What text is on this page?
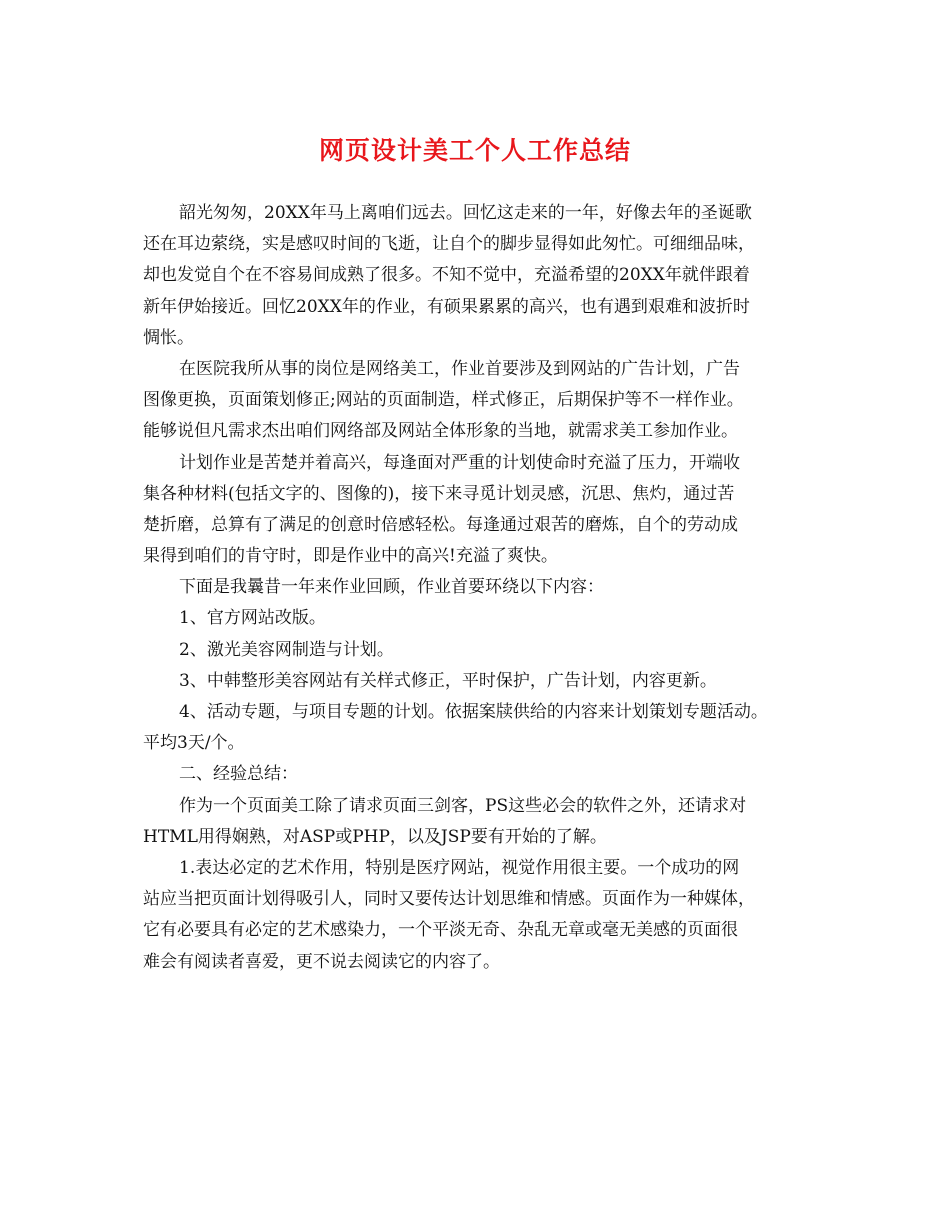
网页设计美工个人工作总结

韶光匆匆，20XX年马上离咱们远去。回忆这走来的一年，好像去年的圣诞歌

还在耳边萦绕，实是感叹时间的飞逝，让自个的脚步显得如此匆忙。可细细品味，

却也发觉自个在不容易间成熟了很多。不知不觉中，充溢希望的20XX年就伴跟着

新年伊始接近。回忆20XX年的作业，有硕果累累的高兴，也有遇到艰难和波折时

惆怅。

在医院我所从事的岗位是网络美工，作业首要涉及到网站的广告计划，广告

图像更换，页面策划修正;网站的页面制造，样式修正，后期保护等不一样作业。

能够说但凡需求杰出咱们网络部及网站全体形象的当地，就需求美工参加作业。

计划作业是苦楚并着高兴，每逢面对严重的计划使命时充溢了压力，开端收

集各种材料(包括文字的、图像的)，接下来寻觅计划灵感，沉思、焦灼，通过苦

楚折磨，总算有了满足的创意时倍感轻松。每逢通过艰苦的磨炼，自个的劳动成

果得到咱们的肯守时，即是作业中的高兴!充溢了爽快。

下面是我曩昔一年来作业回顾，作业首要环绕以下内容：

1、官方网站改版。

2、激光美容网制造与计划。

3、中韩整形美容网站有关样式修正，平时保护，广告计划，内容更新。

4、活动专题，与项目专题的计划。依据案牍供给的内容来计划策划专题活动。

平均3天/个。

二、经验总结：

作为一个页面美工除了请求页面三剑客，PS这些必会的软件之外，还请求对

HTML用得娴熟，对ASP或PHP，以及JSP要有开始的了解。

1.表达必定的艺术作用，特别是医疗网站，视觉作用很主要。一个成功的网

站应当把页面计划得吸引人，同时又要传达计划思维和情感。页面作为一种媒体，

它有必要具有必定的艺术感染力，一个平淡无奇、杂乱无章或毫无美感的页面很

难会有阅读者喜爱，更不说去阅读它的内容了。
